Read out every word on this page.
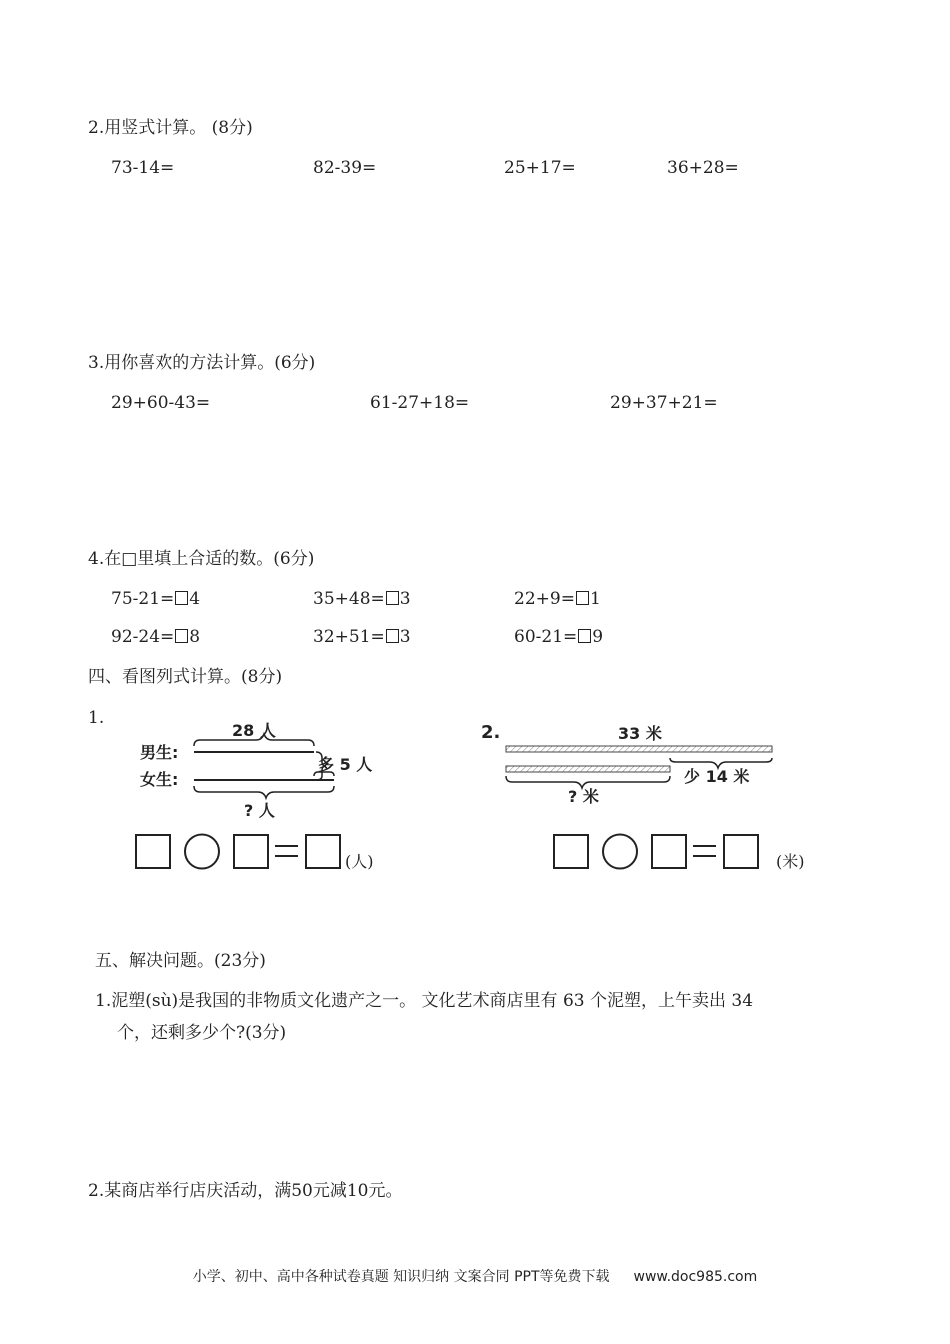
2.用竖式计算。 (8分)
73-14=	82-39=	25+17=	36+28=
3.用你喜欢的方法计算。(6分)
29+60-43=	61-27+18=	29+37+21=
4.在□里填上合适的数。(6分)
75-21= 4	35+48= 3	22+9= 1
92-24= 8	32+51= 3	60-21= 9
四、看图列式计算。(8分)
1.
28 人
男生:
女生:
多 5 人
? 人
(人)
2.	33 米
少 14 米
? 米
(米)
五、解决问题。(23分)
1.泥塑(sù)是我国的非物质文化遗产之一。 文化艺术商店里有 63 个泥塑，上午卖出 34
个，还剩多少个?(3分)
2.某商店举行店庆活动，满50元减10元。
小学、初中、高中各种试卷真题 知识归纳 文案合同 PPT等免费下载 www.doc985.com
